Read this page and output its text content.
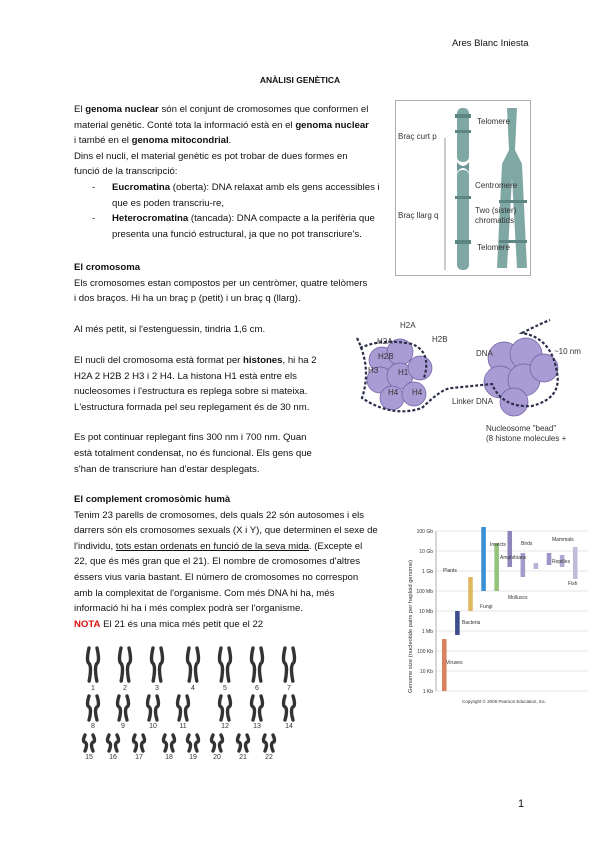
Ares Blanc Iniesta
ANÀLISI GENÈTICA

El genoma nuclear són el conjunt de cromosomes que conformen el

material genètic. Conté tota la informació està en el genoma nuclear

i també en el genoma mitocondrial.

Dins el nucli, el material genètic es pot trobar de dues formes en

funció de la transcripció:

- Eucromatina (oberta): DNA relaxat amb els gens accessibles i

que es poden transcriu-re,

- Heterocromatina (tancada): DNA compacte a la perifèria que

presenta una funció estructural, ja que no pot transcriure's.

El cromosoma

Els cromosomes estan compostos per un centròmer, quatre telòmers

i dos braços. Hi ha un braç p (petit) i un braç q (llarg).

Al més petit, si l'estenguessin, tindria 1,6 cm.

El nucli del cromosoma està format per histones, hi ha 2

H2A 2 H2B 2 H3 i 2 H4. La histona H1 està entre els

nucleosomes i l'estructura es replega sobre si mateixa.

L'estructura formada pel seu replegament és de 30 nm.

Es pot continuar replegant fins 300 nm i 700 nm. Quan

està totalment condensat, no és funcional. Els gens que

s'han de transcriure han d'estar desplegats.

El complement cromosòmic humà

Tenim 23 parells de cromosomes, dels quals 22 són autosomes i els

darrers són els cromosomes sexuals (X i Y), que determinen el sexe de

l'individu, tots estan ordenats en funció de la seva mida. (Excepte el

22, que és més gran que el 21). El nombre de cromosomes d'altres

éssers vius varia bastant. El número de cromosomes no correspon

amb la complexitat de l'organisme. Com més DNA hi ha, més

informació hi ha i més complex podrà ser l'organisme.

NOTA El 21 és una mica més petit que el 22

Braç curt p
Braç llarg q
Telomere
Centromere
Two (sister)
chromatids
Telomere
H2A
H2A
H2B
H2B
H3 H1
H4 H4
DNA	~10 nm
Linker DNA
Nucleosome "bead"
(8 histone molecules +
100 Gb
10 Gb
1 Gb
100 Mb
10 Mb
1 Mb
100 Kb
10 Kb
1 Kb
Genome size (nucleotide pairs per haploid genome)	Plants
Insects
Amphibians
Birds
Mammals
Reptiles
Fish
Molluscs
Fungi
Bacteria
Viruses
Copyright © 2008 Pearson Education, Inc.
1	2	3	4	5	6	7
8	9	10	11	12	13	14
15 16	17	18 19 20	21	22
1
